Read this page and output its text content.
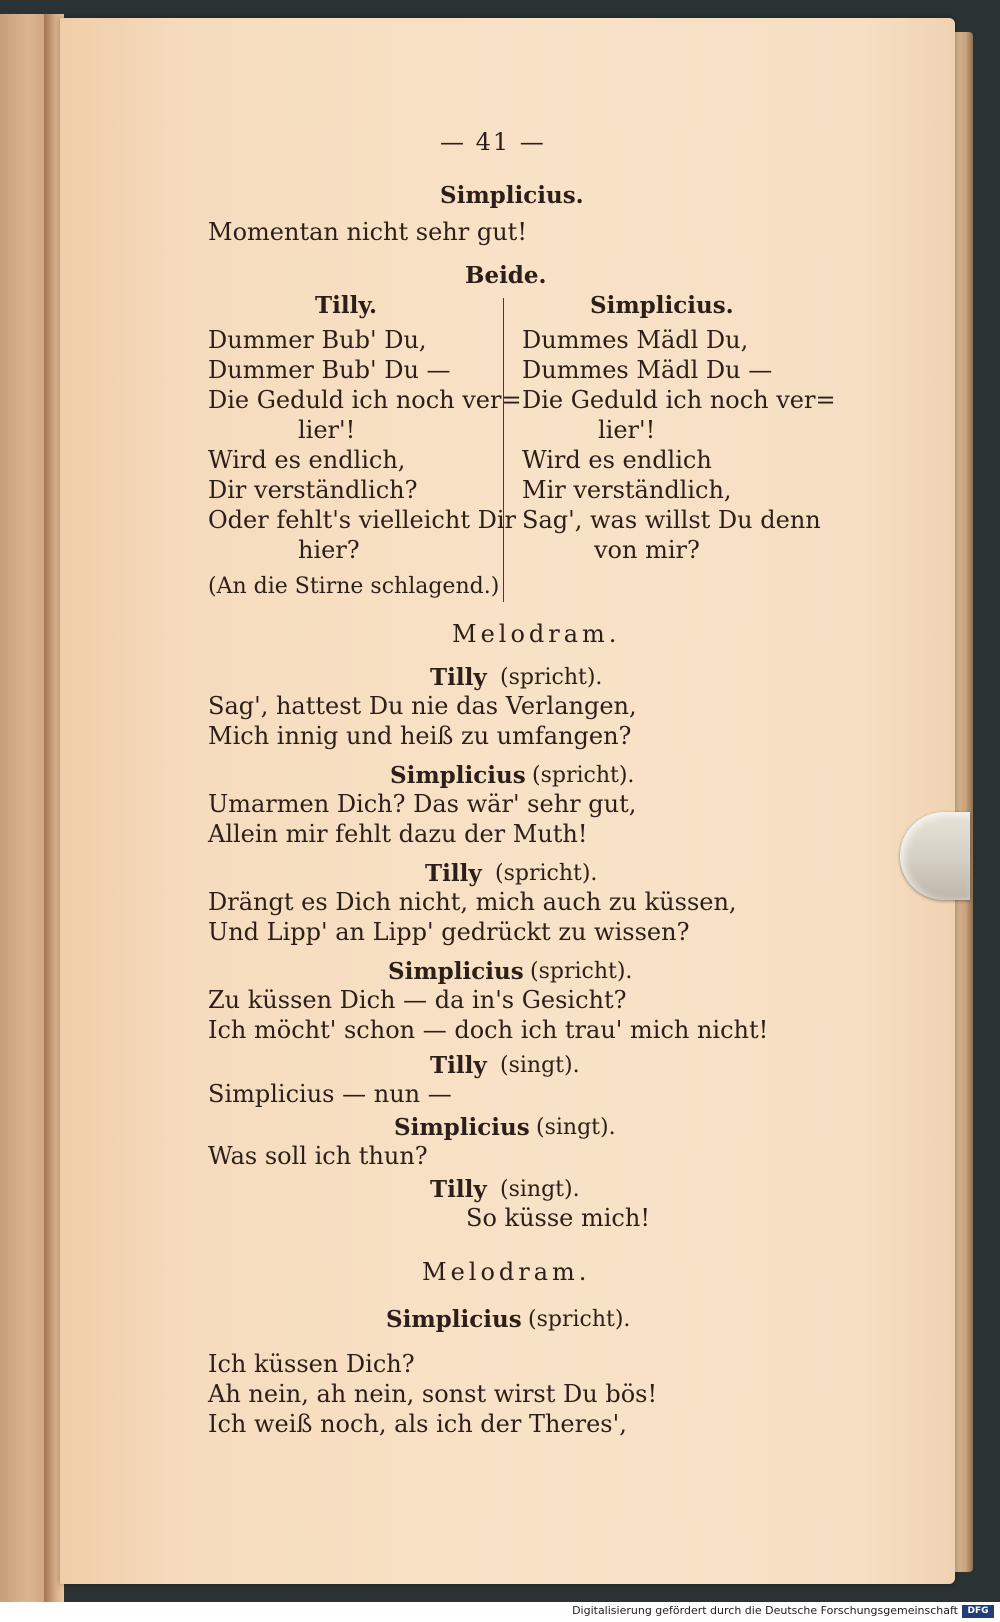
— 41 —
Simplicius.
Momentan nicht sehr gut!
Beide.
Tilly.
Dummer Bub' Du,
Dummer Bub' Du —
Die Geduld ich noch ver=
lier'!
Wird es endlich,
Dir verständlich?
Oder fehlt's vielleicht Dir
hier?
(An die Stirne schlagend.)
Simplicius.
Dummes Mädl Du,
Dummes Mädl Du —
Die Geduld ich noch ver=
lier'!
Wird es endlich
Mir verständlich,
Sag', was willst Du denn
von mir?
Melodram.
Tilly (spricht).
Sag', hattest Du nie das Verlangen,
Mich innig und heiß zu umfangen?
Simplicius (spricht).
Umarmen Dich? Das wär' sehr gut,
Allein mir fehlt dazu der Muth!
Tilly (spricht).
Drängt es Dich nicht, mich auch zu küssen,
Und Lipp' an Lipp' gedrückt zu wissen?
Simplicius (spricht).
Zu küssen Dich — da in's Gesicht?
Ich möcht' schon — doch ich trau' mich nicht!
Tilly (singt).
Simplicius — nun —
Simplicius (singt).
Was soll ich thun?
Tilly (singt).
So küsse mich!
Melodram.
Simplicius (spricht).
Ich küssen Dich?
Ah nein, ah nein, sonst wirst Du bös!
Ich weiß noch, als ich der Theres',
Digitalisierung gefördert durch die Deutsche Forschungsgemeinschaft	DFG
